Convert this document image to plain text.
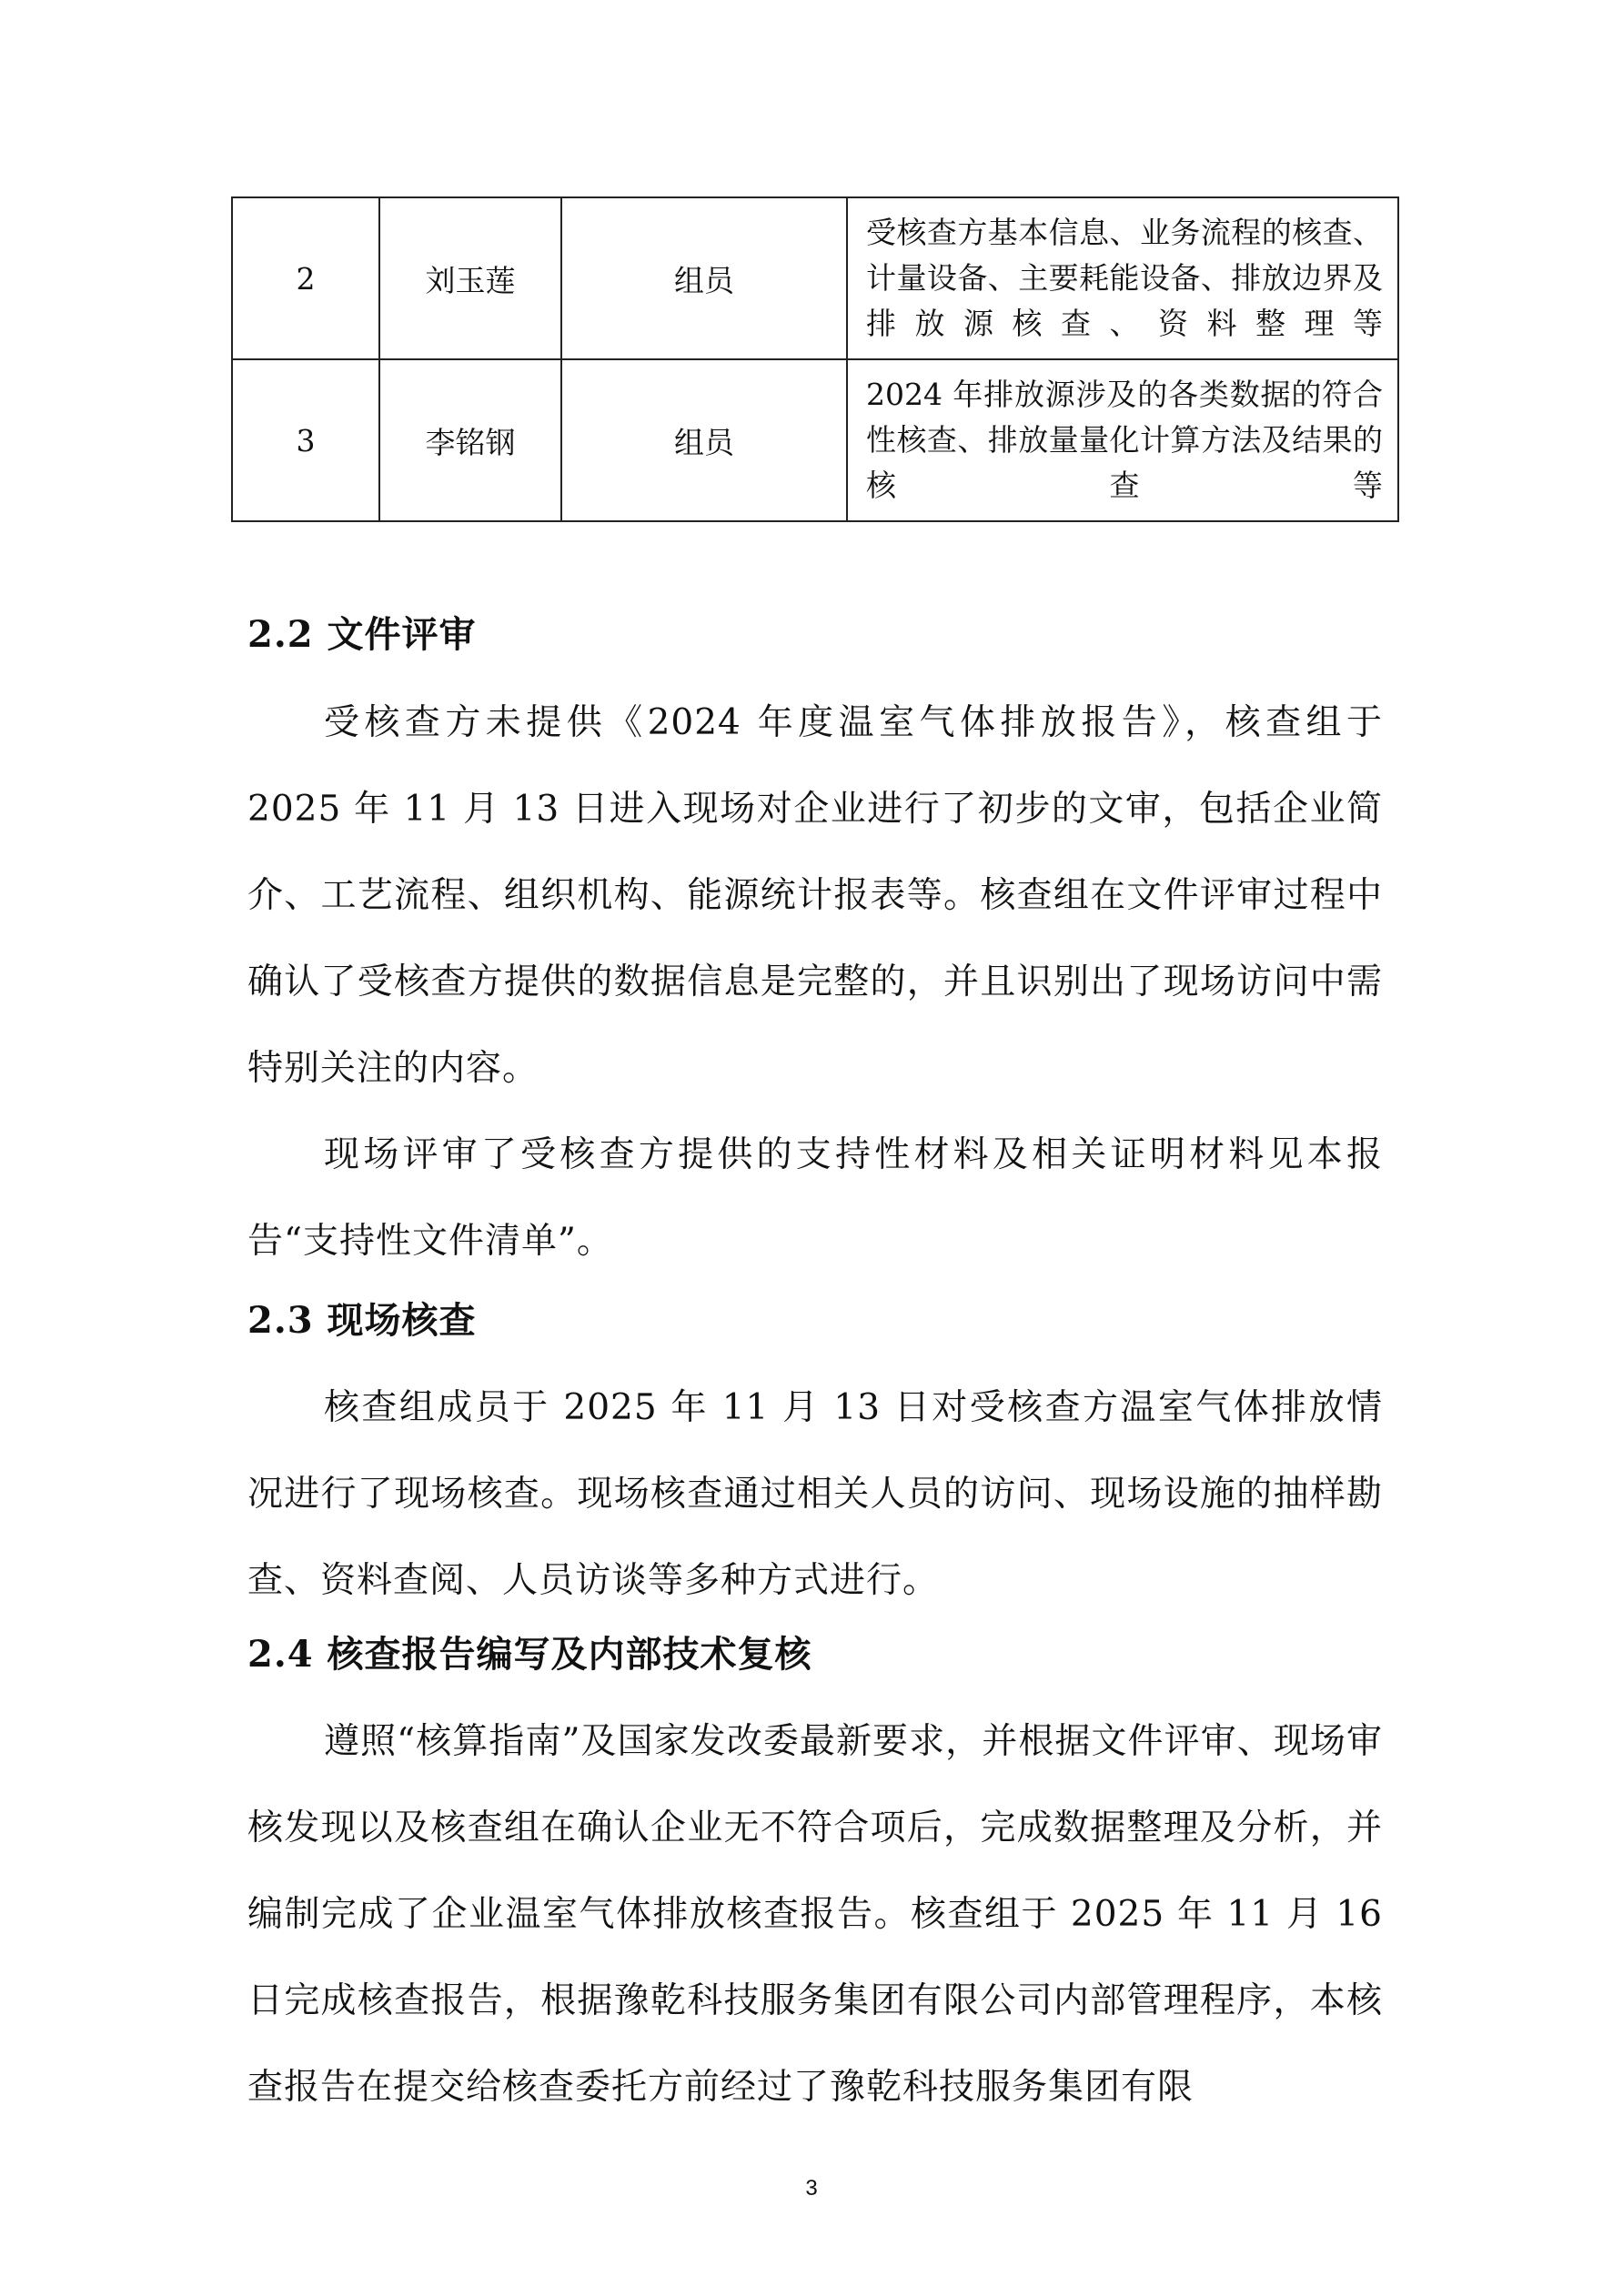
2	刘玉莲	组员	受核查方基本信息、业务流程的核查、计量设备、主要耗能设备、排放边界及排放源核查、资料整理等
3	李铭钢	组员	2024 年排放源涉及的各类数据的符合性核查、排放量量化计算方法及结果的核查等
2.2 文件评审

受核查方未提供《2024 年度温室气体排放报告》，核查组于 2025 年 11 月 13 日进入现场对企业进行了初步的文审，包括企业简介、工艺流程、组织机构、能源统计报表等。核查组在文件评审过程中确认了受核查方提供的数据信息是完整的，并且识别出了现场访问中需特别关注的内容。

现场评审了受核查方提供的支持性材料及相关证明材料见本报告“支持性文件清单”。

2.3 现场核查

核查组成员于 2025 年 11 月 13 日对受核查方温室气体排放情况进行了现场核查。现场核查通过相关人员的访问、现场设施的抽样勘查、资料查阅、人员访谈等多种方式进行。

2.4 核查报告编写及内部技术复核

遵照“核算指南”及国家发改委最新要求，并根据文件评审、现场审核发现以及核查组在确认企业无不符合项后，完成数据整理及分析，并编制完成了企业温室气体排放核查报告。核查组于 2025 年 11 月 16 日完成核查报告，根据豫乾科技服务集团有限公司内部管理程序，本核查报告在提交给核查委托方前经过了豫乾科技服务集团有限

3
